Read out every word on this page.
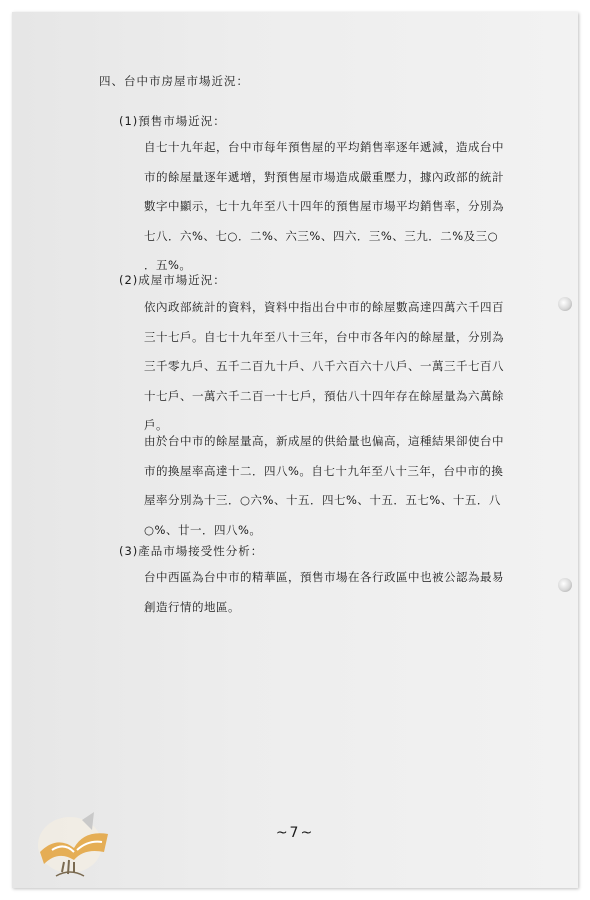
四、台中市房屋市場近況：
(1)預售市場近況：
自七十九年起，台中市每年預售屋的平均銷售率逐年遞減，造成台中
市的餘屋量逐年遞增，對預售屋市場造成嚴重壓力，據內政部的統計
數字中顯示，七十九年至八十四年的預售屋市場平均銷售率，分別為
七八．六%、七○．二%、六三%、四六．三%、三九．二%及三○
．五%。
(2)成屋市場近況：
依內政部統計的資料，資料中指出台中市的餘屋數高達四萬六千四百
三十七戶。自七十九年至八十三年，台中市各年內的餘屋量，分別為
三千零九戶、五千二百九十戶、八千六百六十八戶、一萬三千七百八
十七戶、一萬六千二百一十七戶，預估八十四年存在餘屋量為六萬餘
戶。
由於台中市的餘屋量高，新成屋的供給量也偏高，這種結果卻使台中
市的換屋率高達十二．四八%。自七十九年至八十三年，台中市的換
屋率分別為十三．○六%、十五．四七%、十五．五七%、十五．八
○%、廿一．四八%。
(3)產品市場接受性分析：
台中西區為台中市的精華區，預售市場在各行政區中也被公認為最易
創造行情的地區。
~7~
